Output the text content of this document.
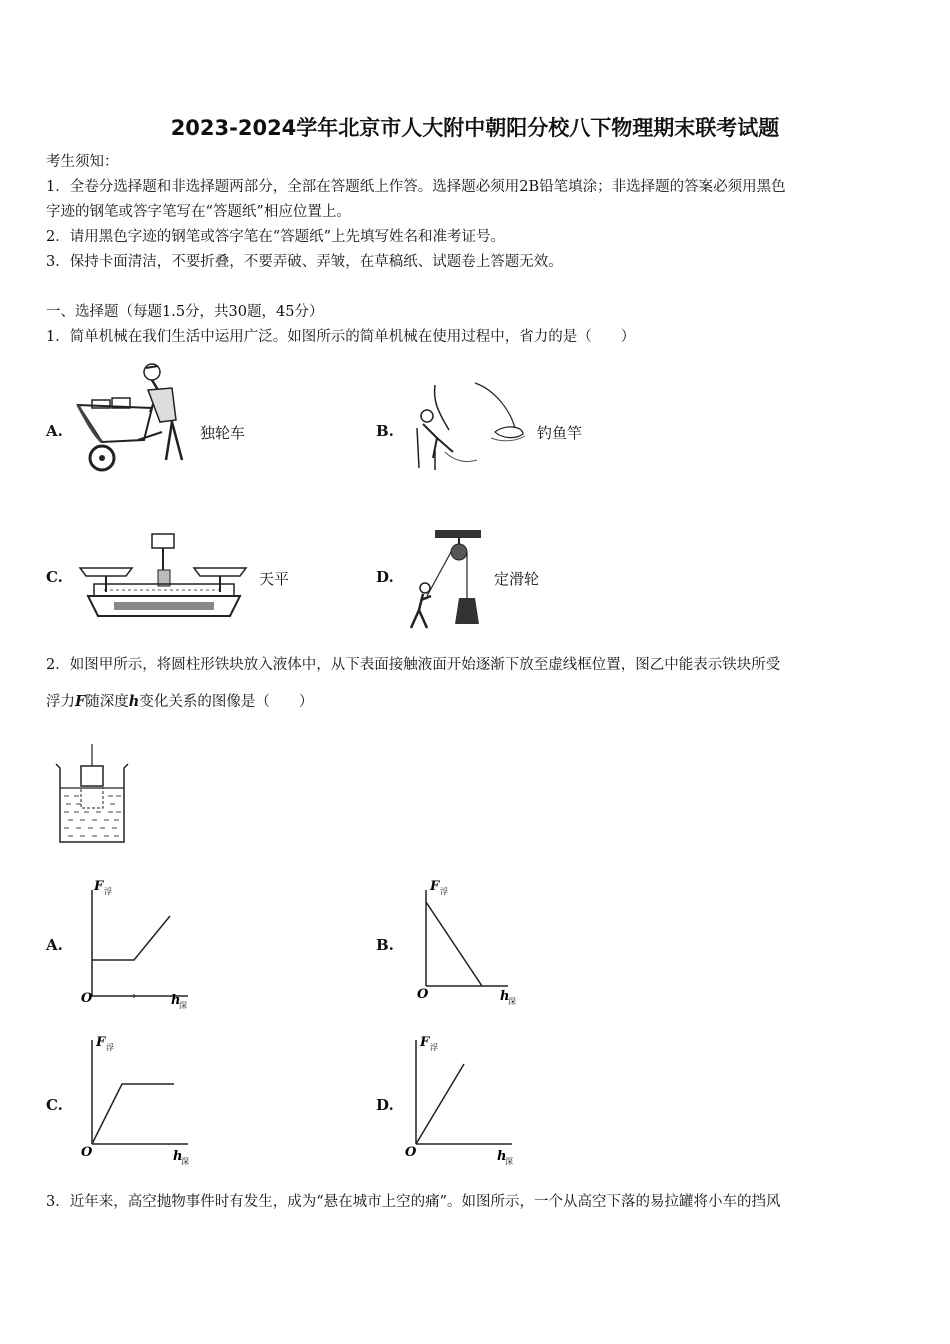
2023-2024学年北京市人大附中朝阳分校八下物理期末联考试题
考生须知：
1．全卷分选择题和非选择题两部分，全部在答题纸上作答。选择题必须用2B铅笔填涂；非选择题的答案必须用黑色
字迹的钢笔或答字笔写在“答题纸”相应位置上。
2．请用黑色字迹的钢笔或答字笔在“答题纸”上先填写姓名和准考证号。
3．保持卡面清洁，不要折叠，不要弄破、弄皱，在草稿纸、试题卷上答题无效。
一、选择题（每题1.5分，共30题，45分）
1．简单机械在我们生活中运用广泛。如图所示的简单机械在使用过程中，省力的是（　　）
A.	独轮车	B.	钓鱼竿
C.	天平	D.	定滑轮
2．如图甲所示，将圆柱形铁块放入液体中，从下表面接触液面开始逐渐下放至虚线框位置，图乙中能表示铁块所受
浮力F随深度h变化关系的图像是（　　）
A.
F 浮
O	h
深
B.
F 浮
O	h
深
C.
F 浮
O	h
深
D.
F 浮
O	h
深
3．近年来，高空抛物事件时有发生，成为“悬在城市上空的痛”。如图所示，一个从高空下落的易拉罐将小车的挡风
